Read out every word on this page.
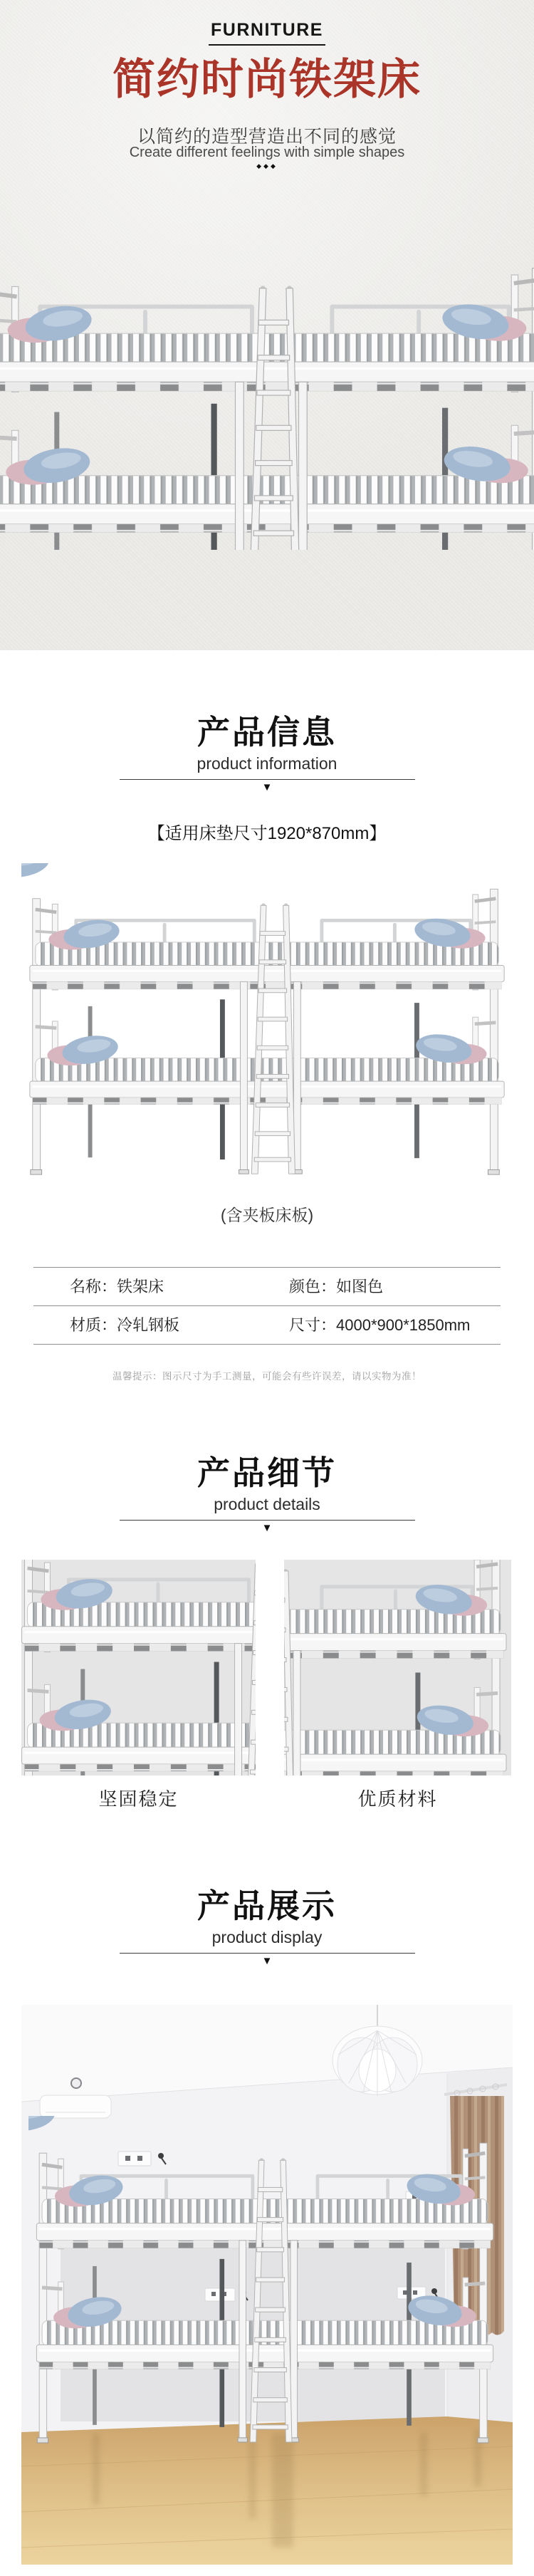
FURNITURE
简约时尚铁架床
以简约的造型营造出不同的感觉
Create different feelings with simple shapes
◆◆◆
产品信息
product information
▼
【适用床垫尺寸1920*870mm】
(含夹板床板)
名称：铁架床	颜色：如图色
材质：冷轧钢板	尺寸：4000*900*1850mm
温馨提示：图示尺寸为手工测量，可能会有些许误差，请以实物为准！
产品细节
product details
▼
坚固稳定	优质材料
产品展示
product display
▼
